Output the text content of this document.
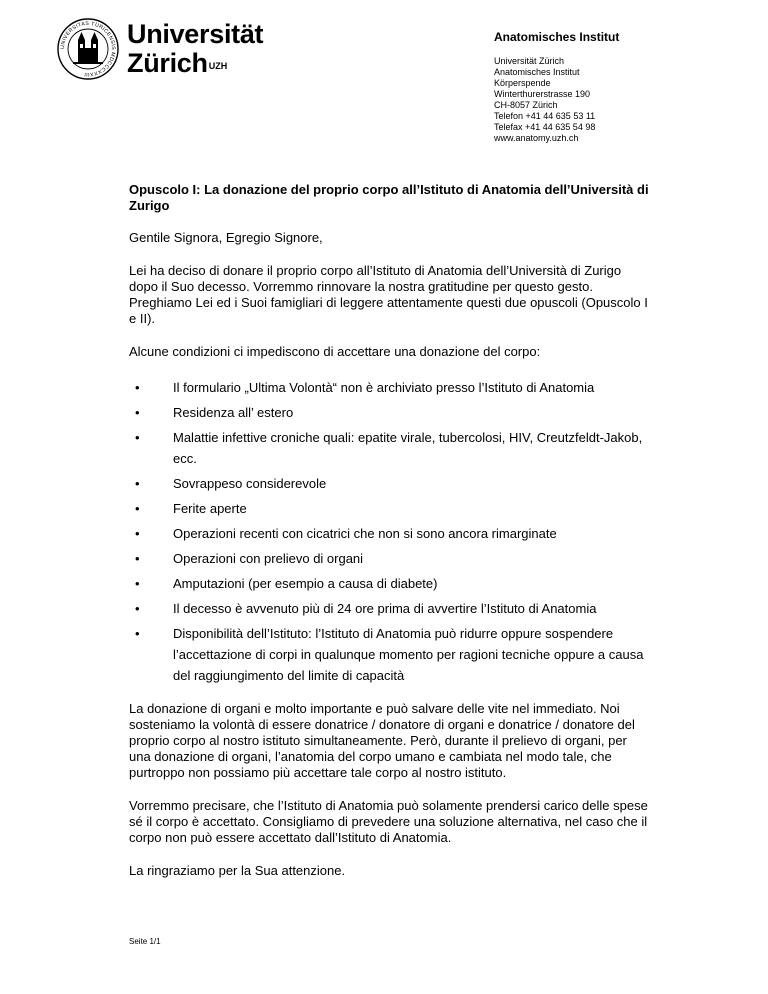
UNIVERSITAS TURICENSIS MDCCCXXXIII
Universität
Zürich$^{UZH}$
Anatomisches Institut
Universität Zürich
Anatomisches Institut
Körperspende
Winterthurerstrasse 190
CH-8057 Zürich
Telefon +41 44 635 53 11
Telefax +41 44 635 54 98
www.anatomy.uzh.ch

Opuscolo I: La donazione del proprio corpo all’Istituto di Anatomia dell’Università di Zurigo

Gentile Signora, Egregio Signore,

Lei ha deciso di donare il proprio corpo all’Istituto di Anatomia dell’Università di Zurigo dopo il Suo decesso. Vorremmo rinnovare la nostra gratitudine per questo gesto. Preghiamo Lei ed i Suoi famigliari di leggere attentamente questi due opuscoli (Opuscolo I e II).

Alcune condizioni ci impediscono di accettare una donazione del corpo:

• Il formulario „Ultima Volontà“ non è archiviato presso l’Istituto di Anatomia
• Residenza all’ estero
• Malattie infettive croniche quali: epatite virale, tubercolosi, HIV, Creutzfeldt-Jakob, ecc.
• Sovrappeso considerevole
• Ferite aperte
• Operazioni recenti con cicatrici che non si sono ancora rimarginate
• Operazioni con prelievo di organi
• Amputazioni (per esempio a causa di diabete)
• Il decesso è avvenuto più di 24 ore prima di avvertire l’Istituto di Anatomia
• Disponibilità dell’Istituto: l’Istituto di Anatomia può ridurre oppure sospendere l’accettazione di corpi in qualunque momento per ragioni tecniche oppure a causa del raggiungimento del limite di capacità

La donazione di organi e molto importante e può salvare delle vite nel immediato. Noi sosteniamo la volontà di essere donatrice / donatore di organi e donatrice / donatore del proprio corpo al nostro istituto simultaneamente. Però, durante il prelievo di organi, per una donazione di organi, l’anatomia del corpo umano e cambiata nel modo tale, che purtroppo non possiamo più accettare tale corpo al nostro istituto.

Vorremmo precisare, che l’Istituto di Anatomia può solamente prendersi carico delle spese sé il corpo è accettato. Consigliamo di prevedere una soluzione alternativa, nel caso che il corpo non può essere accettato dall’Istituto di Anatomia.

La ringraziamo per la Sua attenzione.

Seite 1/1
